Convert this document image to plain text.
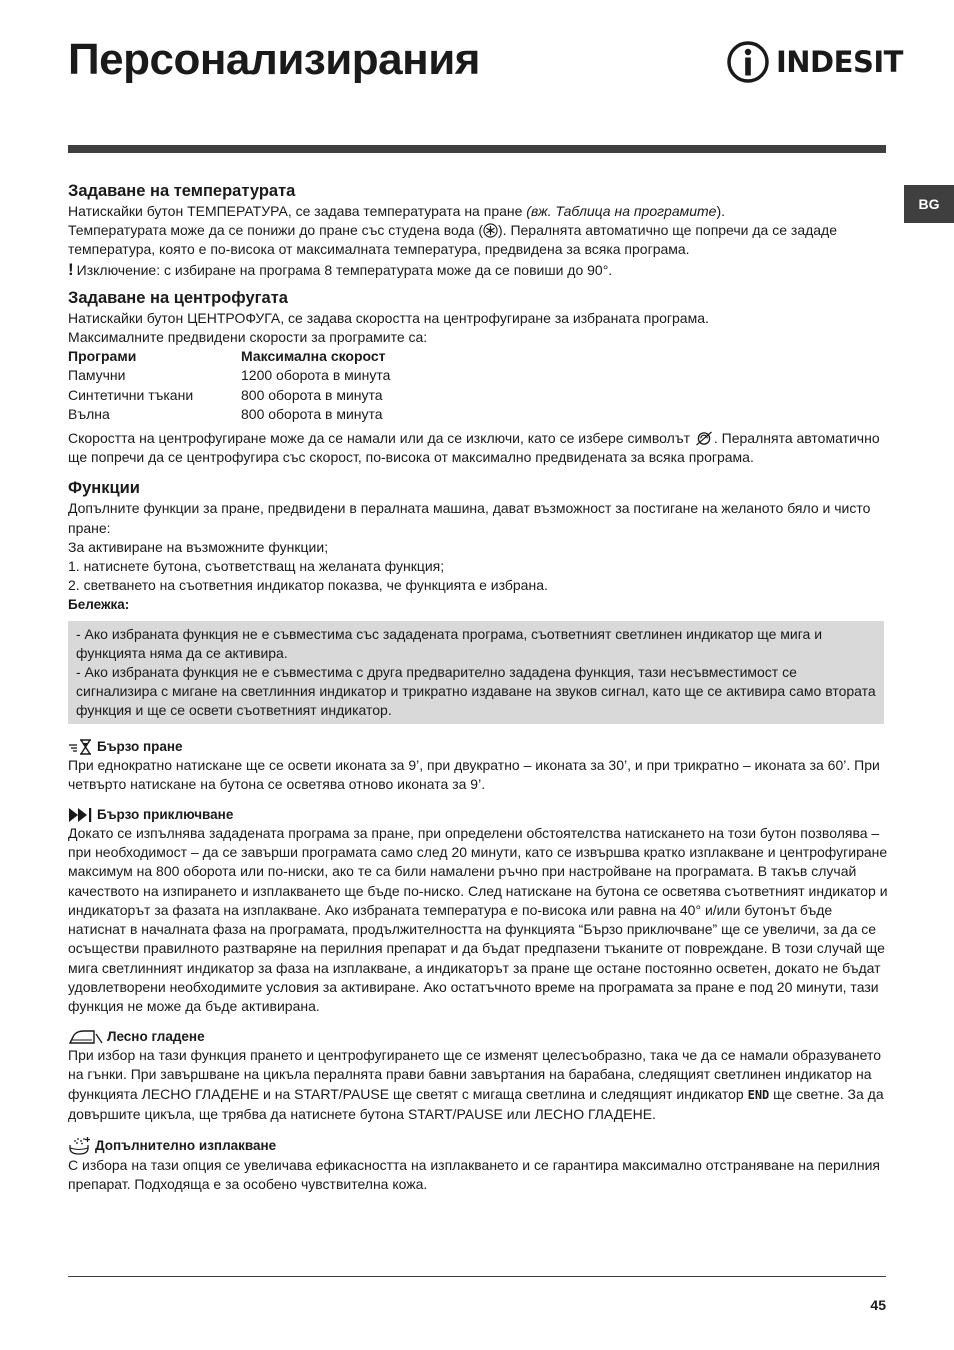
Персонализирания	INDESIT
BG
Задаване на температурата

Натискайки бутон ТЕМПЕРАТУРА, се задава температурата на пране (вж. Таблица на програмите).
Температурата може да се понижи до пране със студена вода ( ). Пералнята автоматично ще попречи да се зададе температура, която е по-висока от максималната температура, предвидена за всяка програма.
! Изключение: с избиране на програма 8 температурата може да се повиши до 90°.

Задаване на центрофугата

Натискайки бутон ЦЕНТРОФУГА, се задава скоростта на центрофугиране за избраната програма.

Максималните предвидени скорости за програмите са:

Програми	Максимална скорост
Памучни	1200 оборота в минута
Синтетични тъкани	800 оборота в минута
Вълна	800 оборота в минута

Скоростта на центрофугиране може да се намали или да се изключи, като се избере символът . Пералнята автоматично ще попречи да се центрофугира със скорост, по-висока от максимално предвидената за всяка програма.

Функции

Допълните функции за пране, предвидени в пералната машина, дават възможност за постигане на желаното бяло и чисто пране:

За активиране на възможните функции;

1. натиснете бутона, съответстващ на желаната функция;

2. светването на съответния индикатор показва, че функцията е избрана.

Бележка:

- Ако избраната функция не е съвместима със зададената програма, съответният светлинен индикатор ще мига и функцията няма да се активира.

- Ако избраната функция не е съвместима с друга предварително зададена функция, тази несъвместимост се сигнализира с мигане на светлинния индикатор и трикратно издаване на звуков сигнал, като ще се активира само втората функция и ще се освети съответният индикатор.

Бързо пране

При еднократно натискане ще се освети иконата за 9’, при двукратно – иконата за 30’, и при трикратно – иконата за 60’. При четвърто натискане на бутона се осветява отново иконата за 9’.

Бързо приключване

Докато се изпълнява зададената програма за пране, при определени обстоятелства натискането на този бутон позволява – при необходимост – да се завърши програмата само след 20 минути, като се извършва кратко изплакване и центрофугиране максимум на 800 оборота или по-ниски, ако те са били намалени ръчно при настройване на програмата. В такъв случай качеството на изпирането и изплакването ще бъде по-ниско. След натискане на бутона се осветява съответният индикатор и индикаторът за фазата на изплакване. Ако избраната температура е по-висока или равна на 40° и/или бутонът бъде натиснат в началната фаза на програмата, продължителността на функцията “Бързо приключване” ще се увеличи, за да се осъществи правилното разтваряне на перилния препарат и да бъдат предпазени тъканите от повреждане. В този случай ще мига светлинният индикатор за фаза на изплакване, а индикаторът за пране ще остане постоянно осветен, докато не бъдат удовлетворени необходимите условия за активиране. Ако остатъчното време на програмата за пране е под 20 минути, тази функция не може да бъде активирана.

Лесно гладене

При избор на тази функция прането и центрофугирането ще се изменят целесъобразно, така че да се намали образуването на гънки. При завършване на цикъла пералнята прави бавни завъртания на барабана, следящият светлинен индикатор на функцията ЛЕСНО ГЛАДЕНЕ и на START/PAUSE ще светят с мигаща светлина и следящият индикатор END ще светне. За да довършите цикъла, ще трябва да натиснете бутона START/PAUSE или ЛЕСНО ГЛАДЕНЕ.

Допълнително изплакване

С избора на тази опция се увеличава ефикасността на изплакването и се гарантира максимално отстраняване на перилния препарат. Подходяща е за особено чувствителна кожа.

45
